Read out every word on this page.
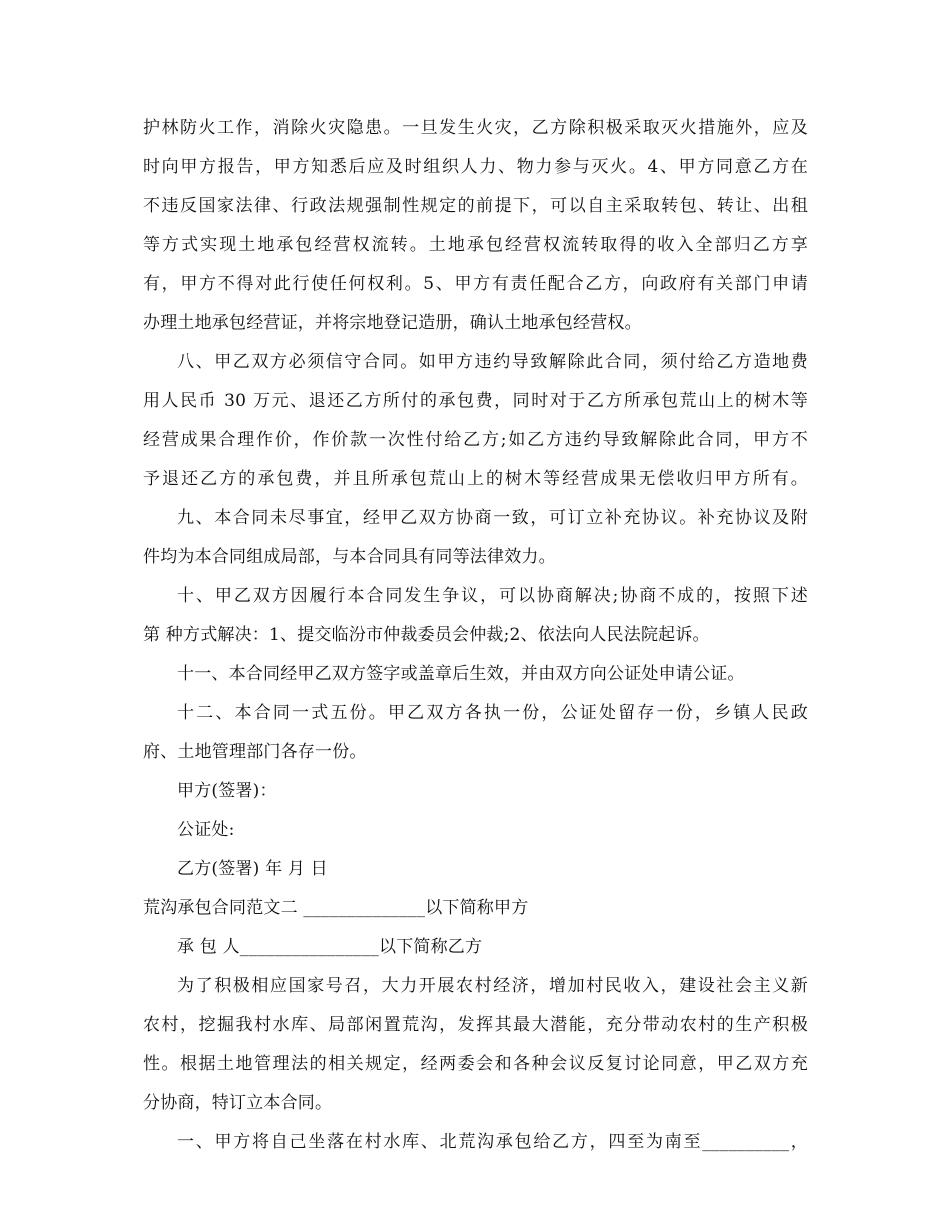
护林防火工作，消除火灾隐患。一旦发生火灾，乙方除积极采取灭火措施外，应及
时向甲方报告，甲方知悉后应及时组织人力、物力参与灭火。4、甲方同意乙方在
不违反国家法律、行政法规强制性规定的前提下，可以自主采取转包、转让、出租
等方式实现土地承包经营权流转。土地承包经营权流转取得的收入全部归乙方享
有，甲方不得对此行使任何权利。5、甲方有责任配合乙方，向政府有关部门申请
办理土地承包经营证，并将宗地登记造册，确认土地承包经营权。
八、甲乙双方必须信守合同。如甲方违约导致解除此合同，须付给乙方造地费
用人民币 30 万元、退还乙方所付的承包费，同时对于乙方所承包荒山上的树木等
经营成果合理作价，作价款一次性付给乙方;如乙方违约导致解除此合同，甲方不
予退还乙方的承包费，并且所承包荒山上的树木等经营成果无偿收归甲方所有。
九、本合同未尽事宜，经甲乙双方协商一致，可订立补充协议。补充协议及附
件均为本合同组成局部，与本合同具有同等法律效力。
十、甲乙双方因履行本合同发生争议，可以协商解决;协商不成的，按照下述
第 种方式解决：1、提交临汾市仲裁委员会仲裁;2、依法向人民法院起诉。
十一、本合同经甲乙双方签字或盖章后生效，并由双方向公证处申请公证。
十二、本合同一式五份。甲乙双方各执一份，公证处留存一份，乡镇人民政
府、土地管理部门各存一份。
甲方(签署)：
公证处:
乙方(签署) 年 月 日
荒沟承包合同范文二 ______________以下简称甲方
承 包 人________________以下简称乙方
为了积极相应国家号召，大力开展农村经济，增加村民收入，建设社会主义新
农村，挖掘我村水库、局部闲置荒沟，发挥其最大潜能，充分带动农村的生产积极
性。根据土地管理法的相关规定，经两委会和各种会议反复讨论同意，甲乙双方充
分协商，特订立本合同。
一、甲方将自己坐落在村水库、北荒沟承包给乙方，四至为南至__________，
